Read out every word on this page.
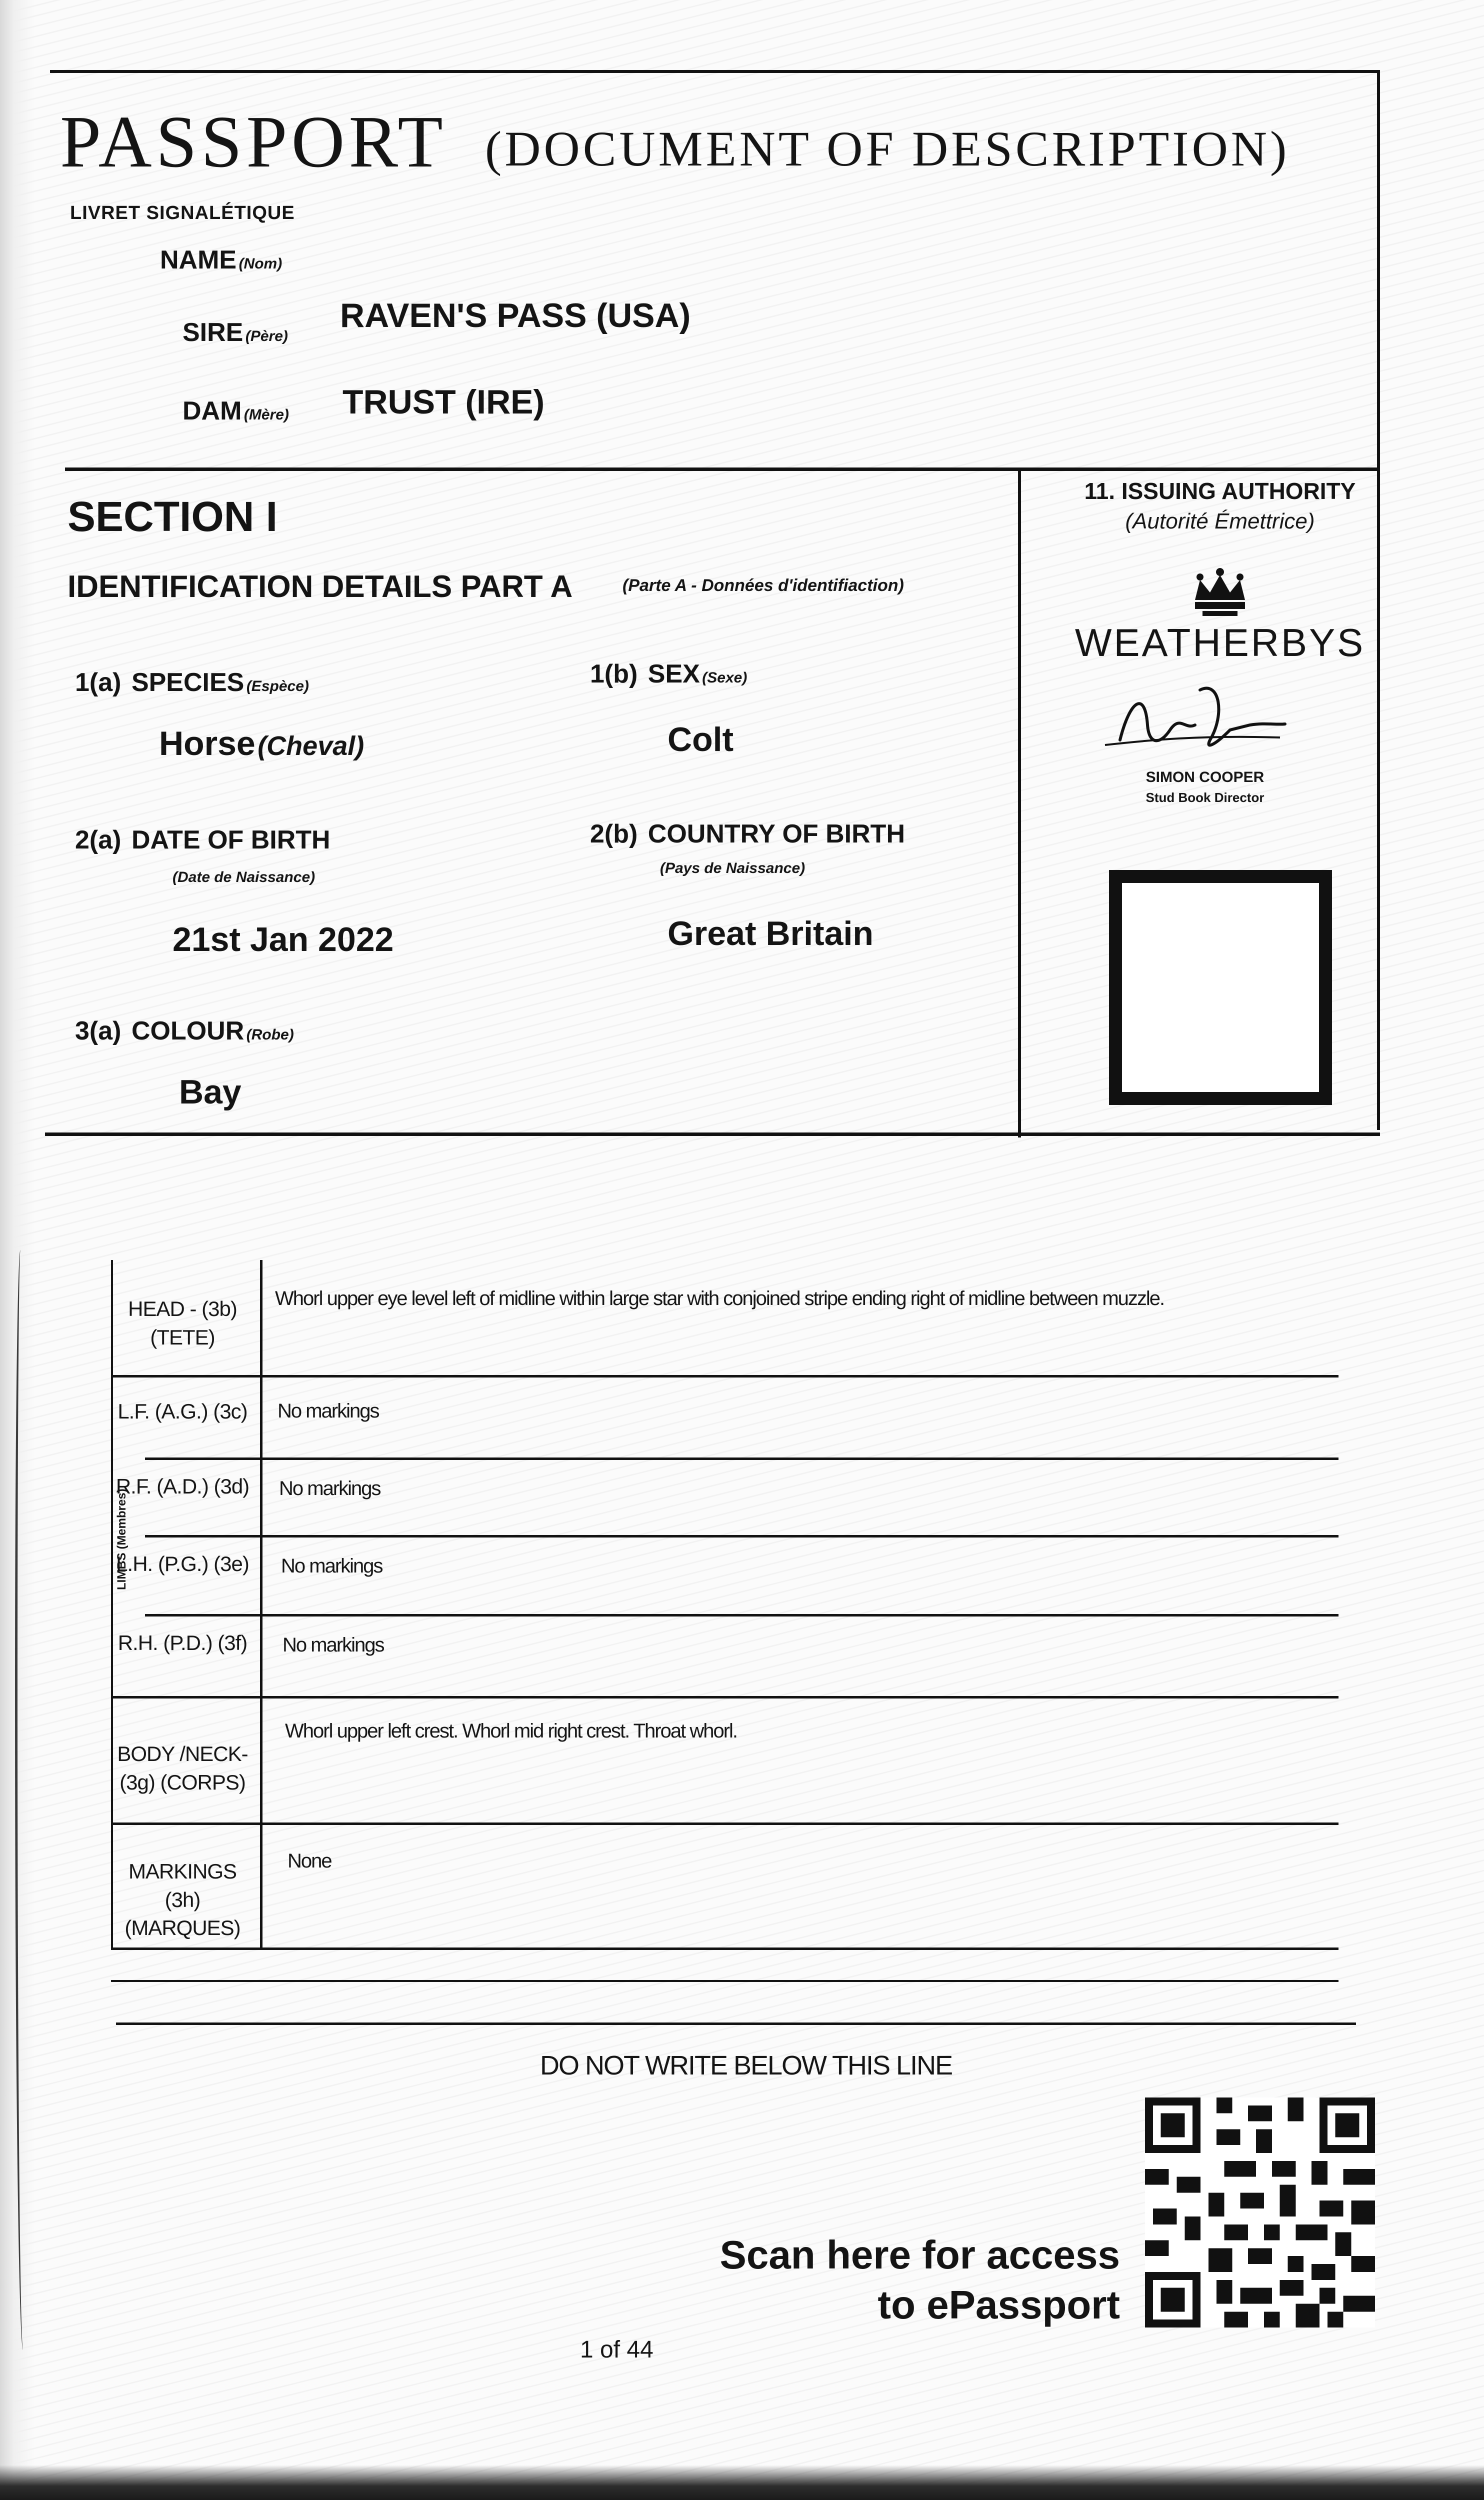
PASSPORT (DOCUMENT OF DESCRIPTION)
LIVRET SIGNALÉTIQUE
NAME (Nom)
SIRE (Père)
RAVEN'S PASS (USA)
DAM (Mère) TRUST (IRE)
SECTION I
IDENTIFICATION DETAILS PART A	(Parte A - Données d'identifiaction)
1(a) SPECIES (Espèce)
Horse (Cheval)
1(b) SEX (Sexe)
Colt
2(a) DATE OF BIRTH
(Date de Naissance)
21st Jan 2022
2(b) COUNTRY OF BIRTH
(Pays de Naissance)
Great Britain
3(a) COLOUR (Robe)
Bay
11. ISSUING AUTHORITY
(Autorité Émettrice)
WEATHERBYS
SIMON COOPER
Stud Book Director
LIMBS (Membres)
HEAD - (3b) (TETE)
Whorl upper eye level left of midline within large star with conjoined stripe ending right of midline between muzzle.
L.F. (A.G.) (3c) No markings
R.F. (A.D.) (3d) No markings
L.H. (P.G.) (3e) No markings
R.H. (P.D.) (3f) No markings
BODY /NECK- (3g) (CORPS)
Whorl upper left crest. Whorl mid right crest. Throat whorl.
MARKINGS (3h) (MARQUES)
None
DO NOT WRITE BELOW THIS LINE
Scan here for access
to ePassport
1 of 44
